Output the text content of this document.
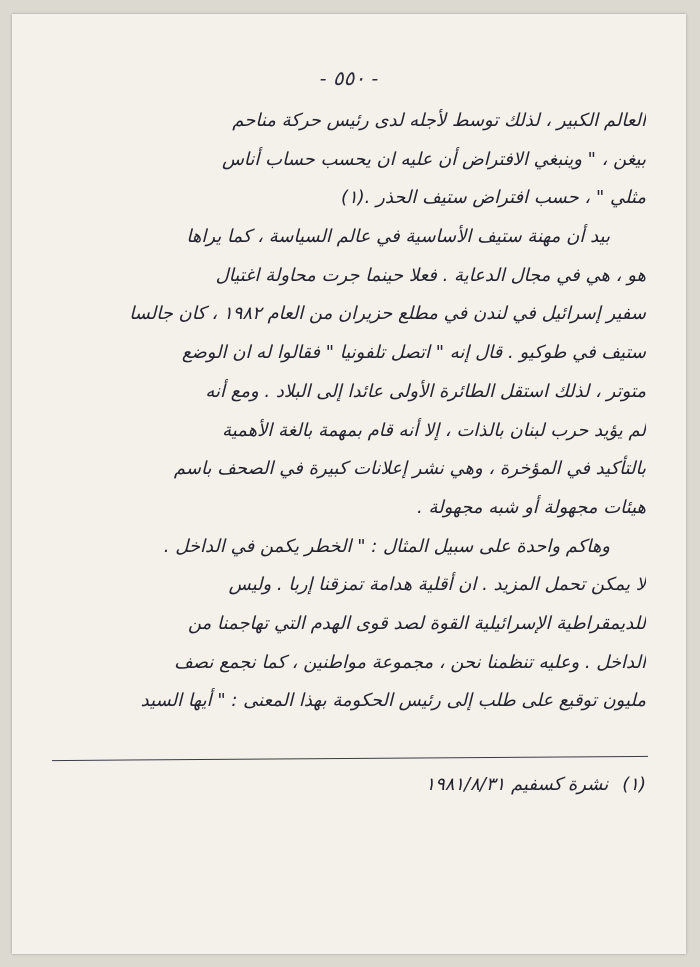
- ٥٥٠ -
العالم الكبير ، لذلك توسط لأجله لدى رئيس حركة مناحم
بيغن ، " وينبغي الافتراض أن عليه ان يحسب حساب أناس
مثلي " ، حسب افتراض ستيف الحذر .(١)
بيد أن مهنة ستيف الأساسية في عالم السياسة ، كما يراها
هو ، هي في مجال الدعاية . فعلا حينما جرت محاولة اغتيال
سفير إسرائيل في لندن في مطلع حزيران من العام ١٩٨٢ ، كان جالسا
ستيف في طوكيو . قال إنه " اتصل تلفونيا " فقالوا له ان الوضع
متوتر ، لذلك استقل الطائرة الأولى عائدا إلى البلاد . ومع أنه
لم يؤيد حرب لبنان بالذات ، إلا أنه قام بمهمة بالغة الأهمية
بالتأكيد في المؤخرة ، وهي نشر إعلانات كبيرة في الصحف باسم
هيئات مجهولة أو شبه مجهولة .
وهاكم واحدة على سبيل المثال : " الخطر يكمن في الداخل .
لا يمكن تحمل المزيد . ان أقلية هدامة تمزقنا إربا . وليس
للديمقراطية الإسرائيلية القوة لصد قوى الهدم التي تهاجمنا من
الداخل . وعليه تنظمنا نحن ، مجموعة مواطنين ، كما نجمع نصف
مليون توقيع على طلب إلى رئيس الحكومة بهذا المعنى : " أيها السيد
(١)نشرة كسفيم ١٩٨١/٨/٣١
